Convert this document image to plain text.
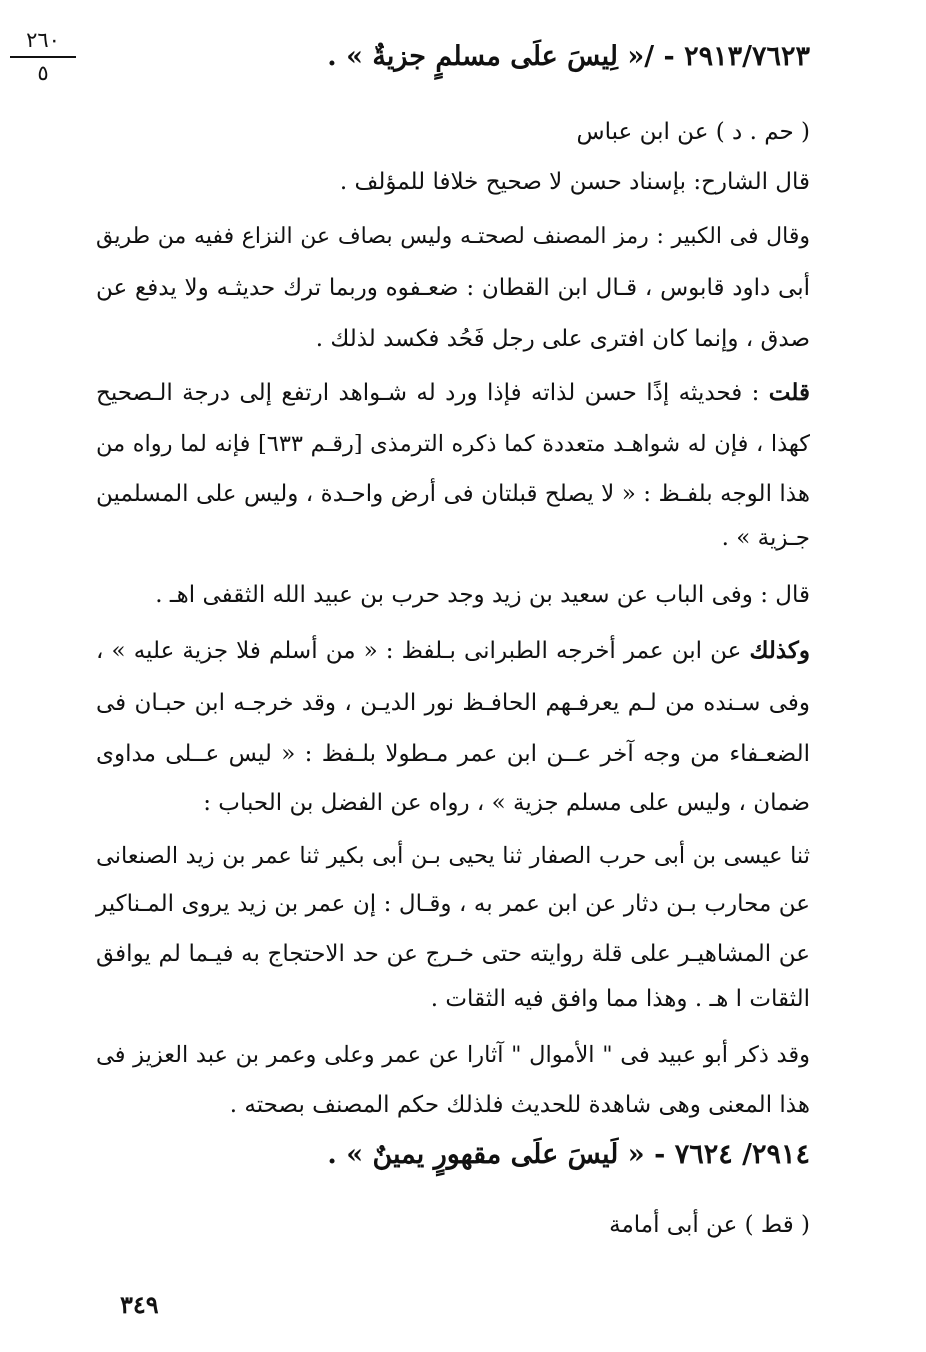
٢٦٠
٥
٢٩١٣/٧٦٢٣ - /« لِيسَ علَى مسلمٍ جزيةٌ » .
( حم . د ) عن ابن عباس
قال الشارح: بإسناد حسن لا صحيح خلافا للمؤلف .
وقال فى الكبير : رمز المصنف لصحتـه وليس بصاف عن النزاع ففيه من طريق
أبى داود قابوس ، قـال ابن القطان : ضعـفوه وربما ترك حديثـه ولا يدفع عن
صدق ، وإنما كان افترى على رجل فَحُد فكسد لذلك .
قلت : فحديثه إذًا حسن لذاته فإذا ورد له شـواهد ارتفع إلى درجة الـصحيح
كهذا ، فإن له شواهـد متعددة كما ذكره الترمذى [رقـم ٦٣٣] فإنه لما رواه من
هذا الوجه بلفـظ : « لا يصلح قبلتان فى أرض واحـدة ، وليس على المسلمين
جـزية » .
قال : وفى الباب عن سعيد بن زيد وجد حرب بن عبيد الله الثقفى اهـ .
وكذلك عن ابن عمر أخرجه الطبرانى بـلفظ : « من أسلم فلا جزية عليه » ،
وفى سـنده من لـم يعرفـهم الحافـظ نور الديـن ، وقد خرجـه ابن حبـان فى
الضعـفاء من وجه آخر عــن ابن عمر مـطولا بلـفظ : « ليس عــلى مداوى
ضمان ، وليس على مسلم جزية » ، رواه عن الفضل بن الحباب :
ثنا عيسى بن أبى حرب الصفار ثنا يحيى بـن أبى بكير ثنا عمر بن زيد الصنعانى
عن محارب بـن دثار عن ابن عمر به ، وقـال : إن عمر بن زيد يروى المـناكير
عن المشاهيـر على قلة روايته حتى خـرج عن حد الاحتجاج به فيـما لم يوافق
الثقات ا هـ . وهذا مما وافق فيه الثقات .
وقد ذكر أبو عبيد فى " الأموال " آثارا عن عمر وعلى وعمر بن عبد العزيز فى
هذا المعنى وهى شاهدة للحديث فلذلك حكم المصنف بصحته .
٢٩١٤/ ٧٦٢٤ - « لَيسَ علَى مقهورٍ يمينٌ » .
( قط ) عن أبى أمامة
٣٤٩
